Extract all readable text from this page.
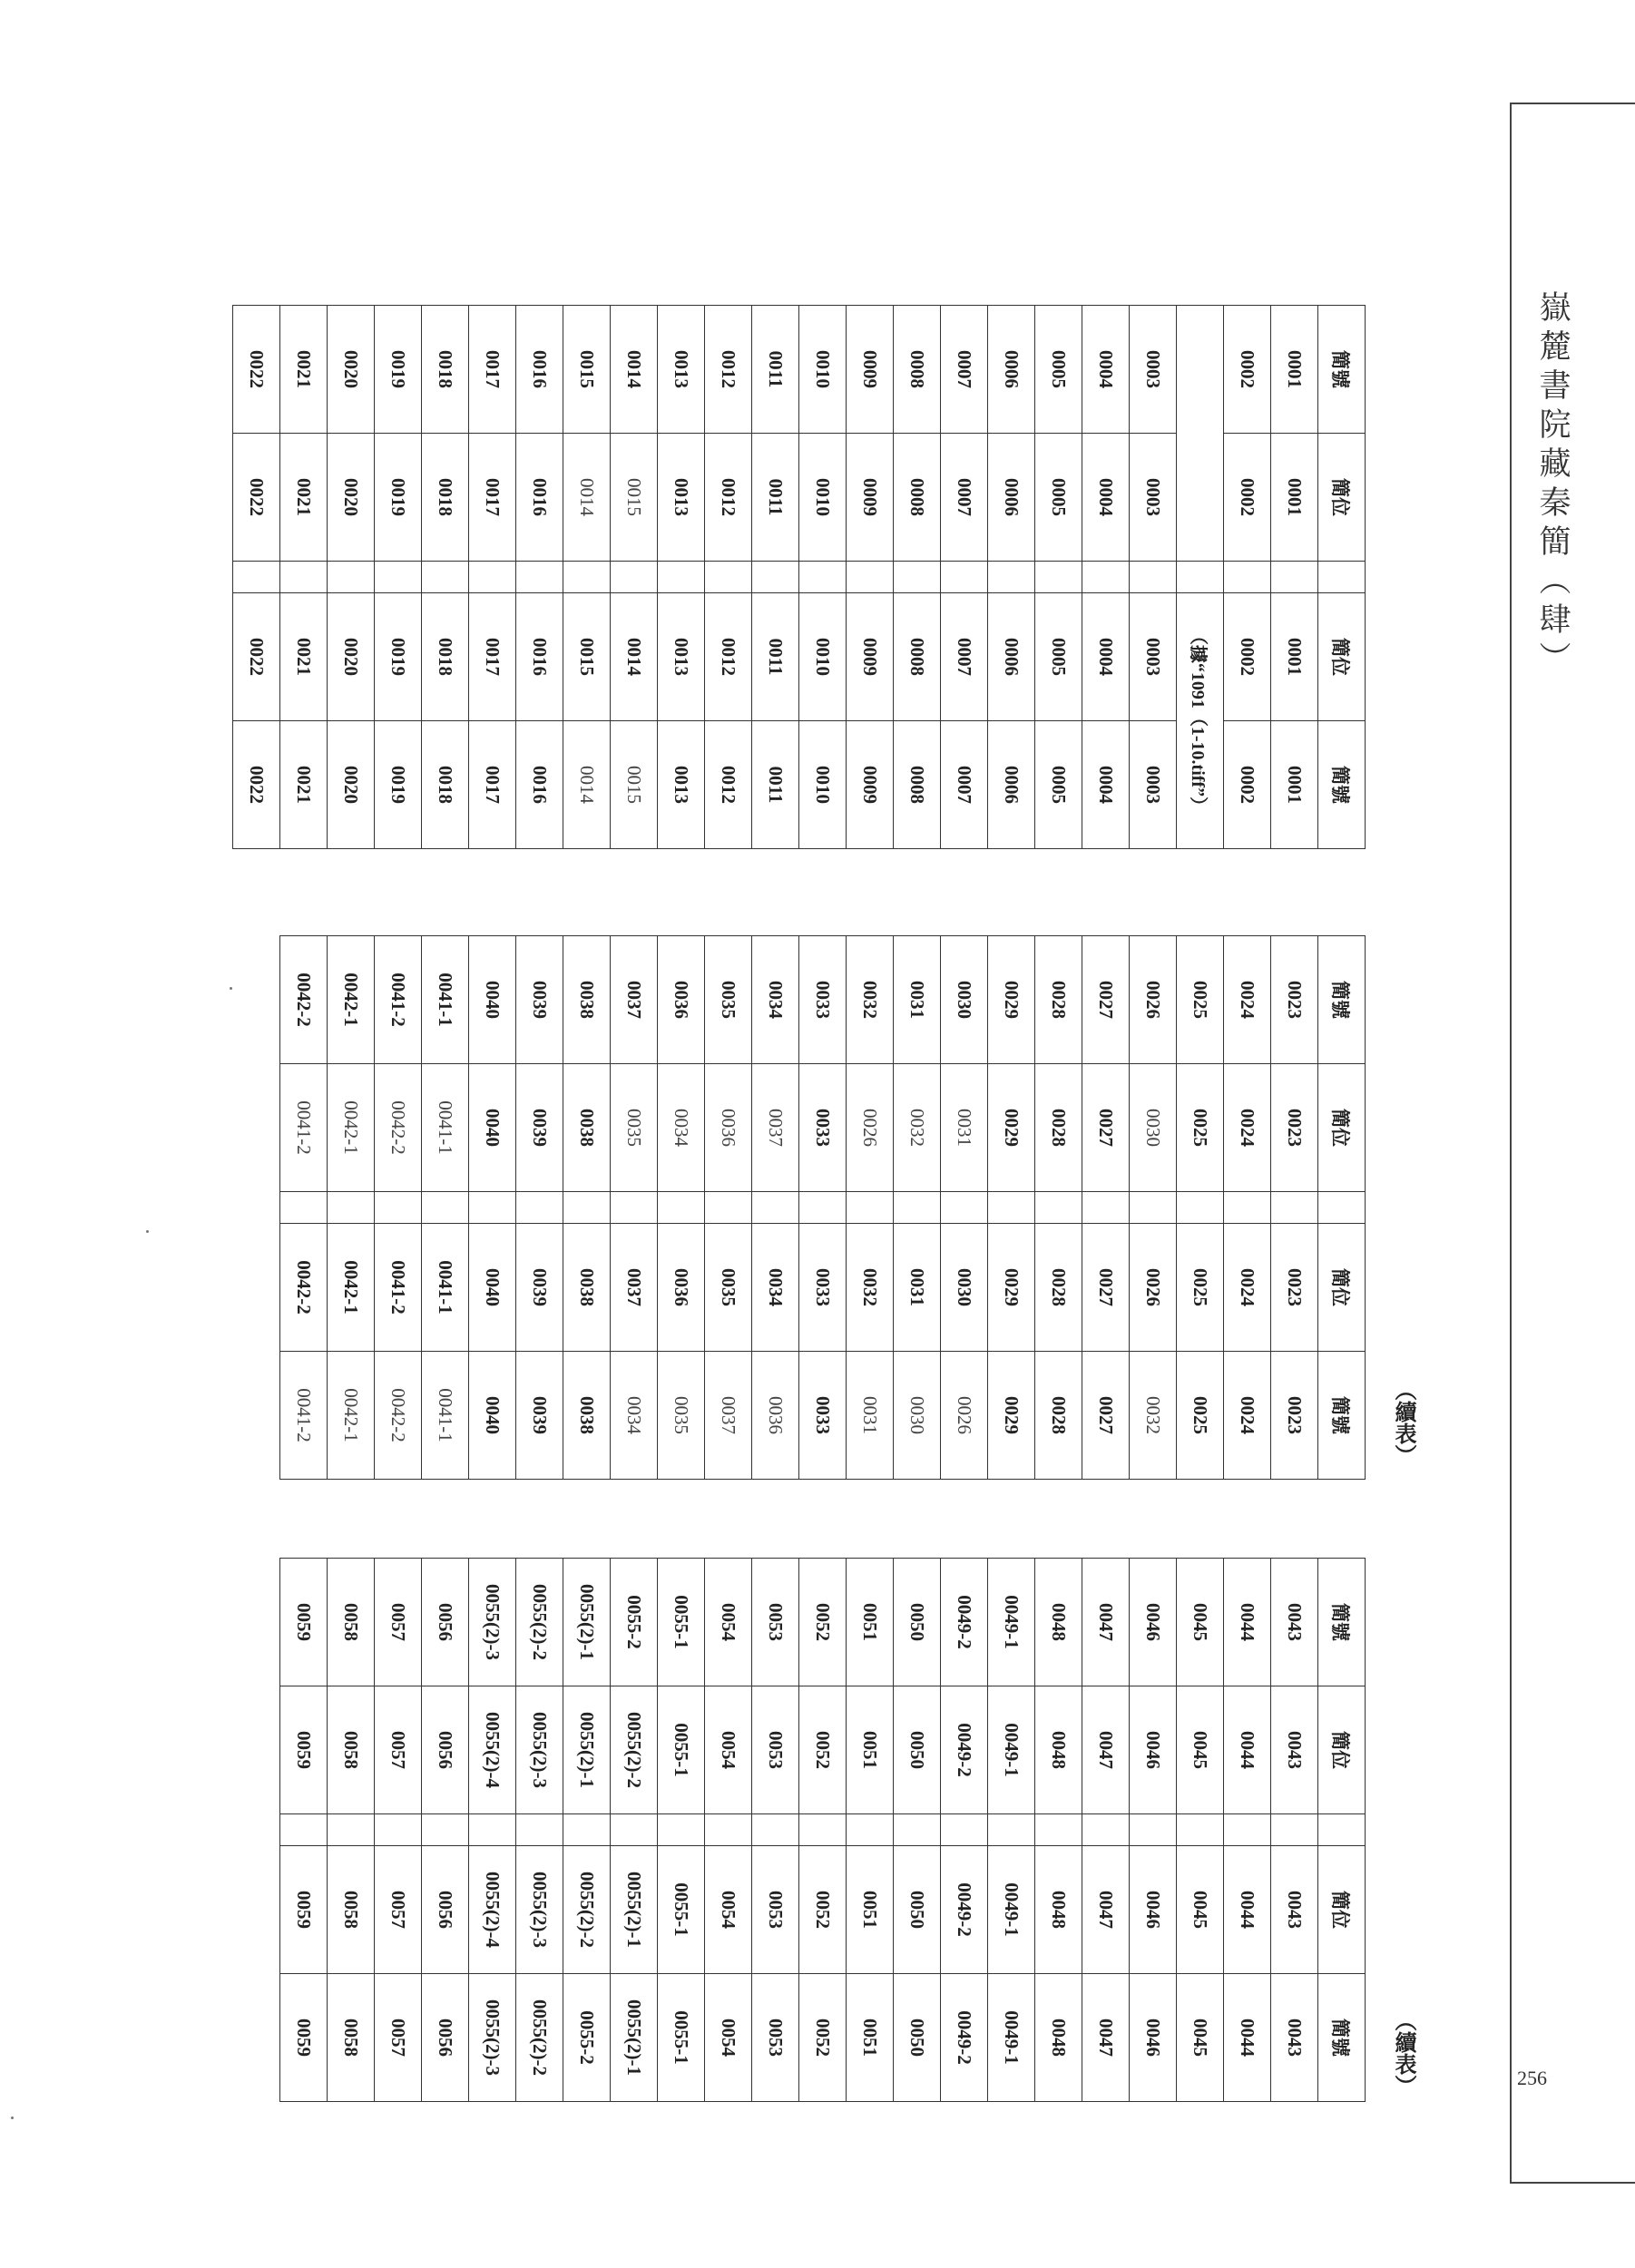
嶽麓書院藏秦簡（肆）
256
（續表）
（續表）
簡號	簡位		簡位	簡號
0001	0001		0001	0001
0002	0002		0002	0002
			（據“1091（1-10.tiff”）	
0003	0003		0003	0003
0004	0004		0004	0004
0005	0005		0005	0005
0006	0006		0006	0006
0007	0007		0007	0007
0008	0008		0008	0008
0009	0009		0009	0009
0010	0010		0010	0010
0011	0011		0011	0011
0012	0012		0012	0012
0013	0013		0013	0013
0014	0015		0014	0015
0015	0014		0015	0014
0016	0016		0016	0016
0017	0017		0017	0017
0018	0018		0018	0018
0019	0019		0019	0019
0020	0020		0020	0020
0021	0021		0021	0021
0022	0022		0022	0022
簡號	簡位		簡位	簡號
0023	0023		0023	0023
0024	0024		0024	0024
0025	0025		0025	0025
0026	0030		0026	0032
0027	0027		0027	0027
0028	0028		0028	0028
0029	0029		0029	0029
0030	0031		0030	0026
0031	0032		0031	0030
0032	0026		0032	0031
0033	0033		0033	0033
0034	0037		0034	0036
0035	0036		0035	0037
0036	0034		0036	0035
0037	0035		0037	0034
0038	0038		0038	0038
0039	0039		0039	0039
0040	0040		0040	0040
0041-1	0041-1		0041-1	0041-1
0041-2	0042-2		0041-2	0042-2
0042-1	0042-1		0042-1	0042-1
0042-2	0041-2		0042-2	0041-2
簡號	簡位		簡位	簡號
0043	0043		0043	0043
0044	0044		0044	0044
0045	0045		0045	0045
0046	0046		0046	0046
0047	0047		0047	0047
0048	0048		0048	0048
0049-1	0049-1		0049-1	0049-1
0049-2	0049-2		0049-2	0049-2
0050	0050		0050	0050
0051	0051		0051	0051
0052	0052		0052	0052
0053	0053		0053	0053
0054	0054		0054	0054
0055-1	0055-1		0055-1	0055-1
0055-2	0055(2)-2		0055(2)-1	0055(2)-1
0055(2)-1	0055(2)-1		0055(2)-2	0055-2
0055(2)-2	0055(2)-3		0055(2)-3	0055(2)-2
0055(2)-3	0055(2)-4		0055(2)-4	0055(2)-3
0056	0056		0056	0056
0057	0057		0057	0057
0058	0058		0058	0058
0059	0059		0059	0059
